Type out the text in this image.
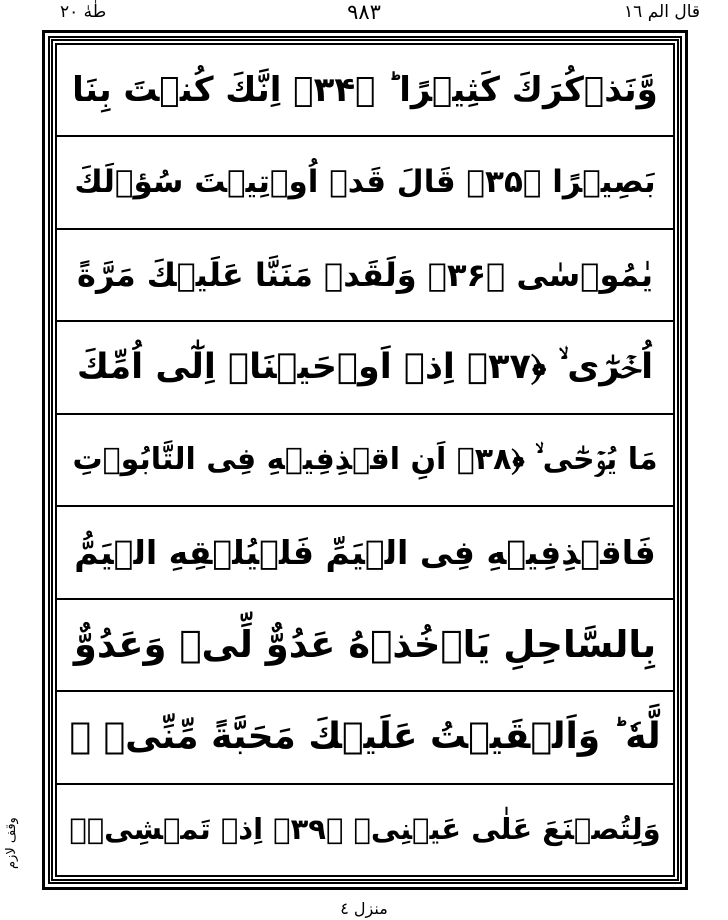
قال الم ١٦
٩٨٣
طٰهٰ ٢٠
وَّنَذۡكُرَكَ كَثِيۡرًا ؕ ﴿۳۴﴾ اِنَّكَ كُنۡتَ بِنَا
بَصِيۡرًا ﴿۳۵﴾ قَالَ قَدۡ اُوۡتِيۡتَ سُؤۡلَكَ
يٰمُوۡسٰى ﴿۳۶﴾ وَلَقَدۡ مَنَنَّا عَلَيۡكَ مَرَّةً
اُخۡرٰٓى ۙ ﴿۳۷﴾ اِذۡ اَوۡحَيۡنَاۤ اِلٰٓى اُمِّكَ
مَا يُوۡحٰٓى ۙ ﴿۳۸﴾ اَنِ اقۡذِفِيۡهِ فِى التَّابُوۡتِ
فَاقۡذِفِيۡهِ فِى الۡيَمِّ فَلۡيُلۡقِهِ الۡيَمُّ
بِالسَّاحِلِ يَاۡخُذۡهُ عَدُوٌّ لِّىۡ وَعَدُوٌّ
لَّهٗ ؕ وَاَلۡقَيۡتُ عَلَيۡكَ مَحَبَّةً مِّنِّىۡ ۚ
وَلِتُصۡنَعَ عَلٰى عَيۡنِىۡ ﴿۳۹﴾ اِذۡ تَمۡشِىۡۤ
وقف لازم
منزل ٤
